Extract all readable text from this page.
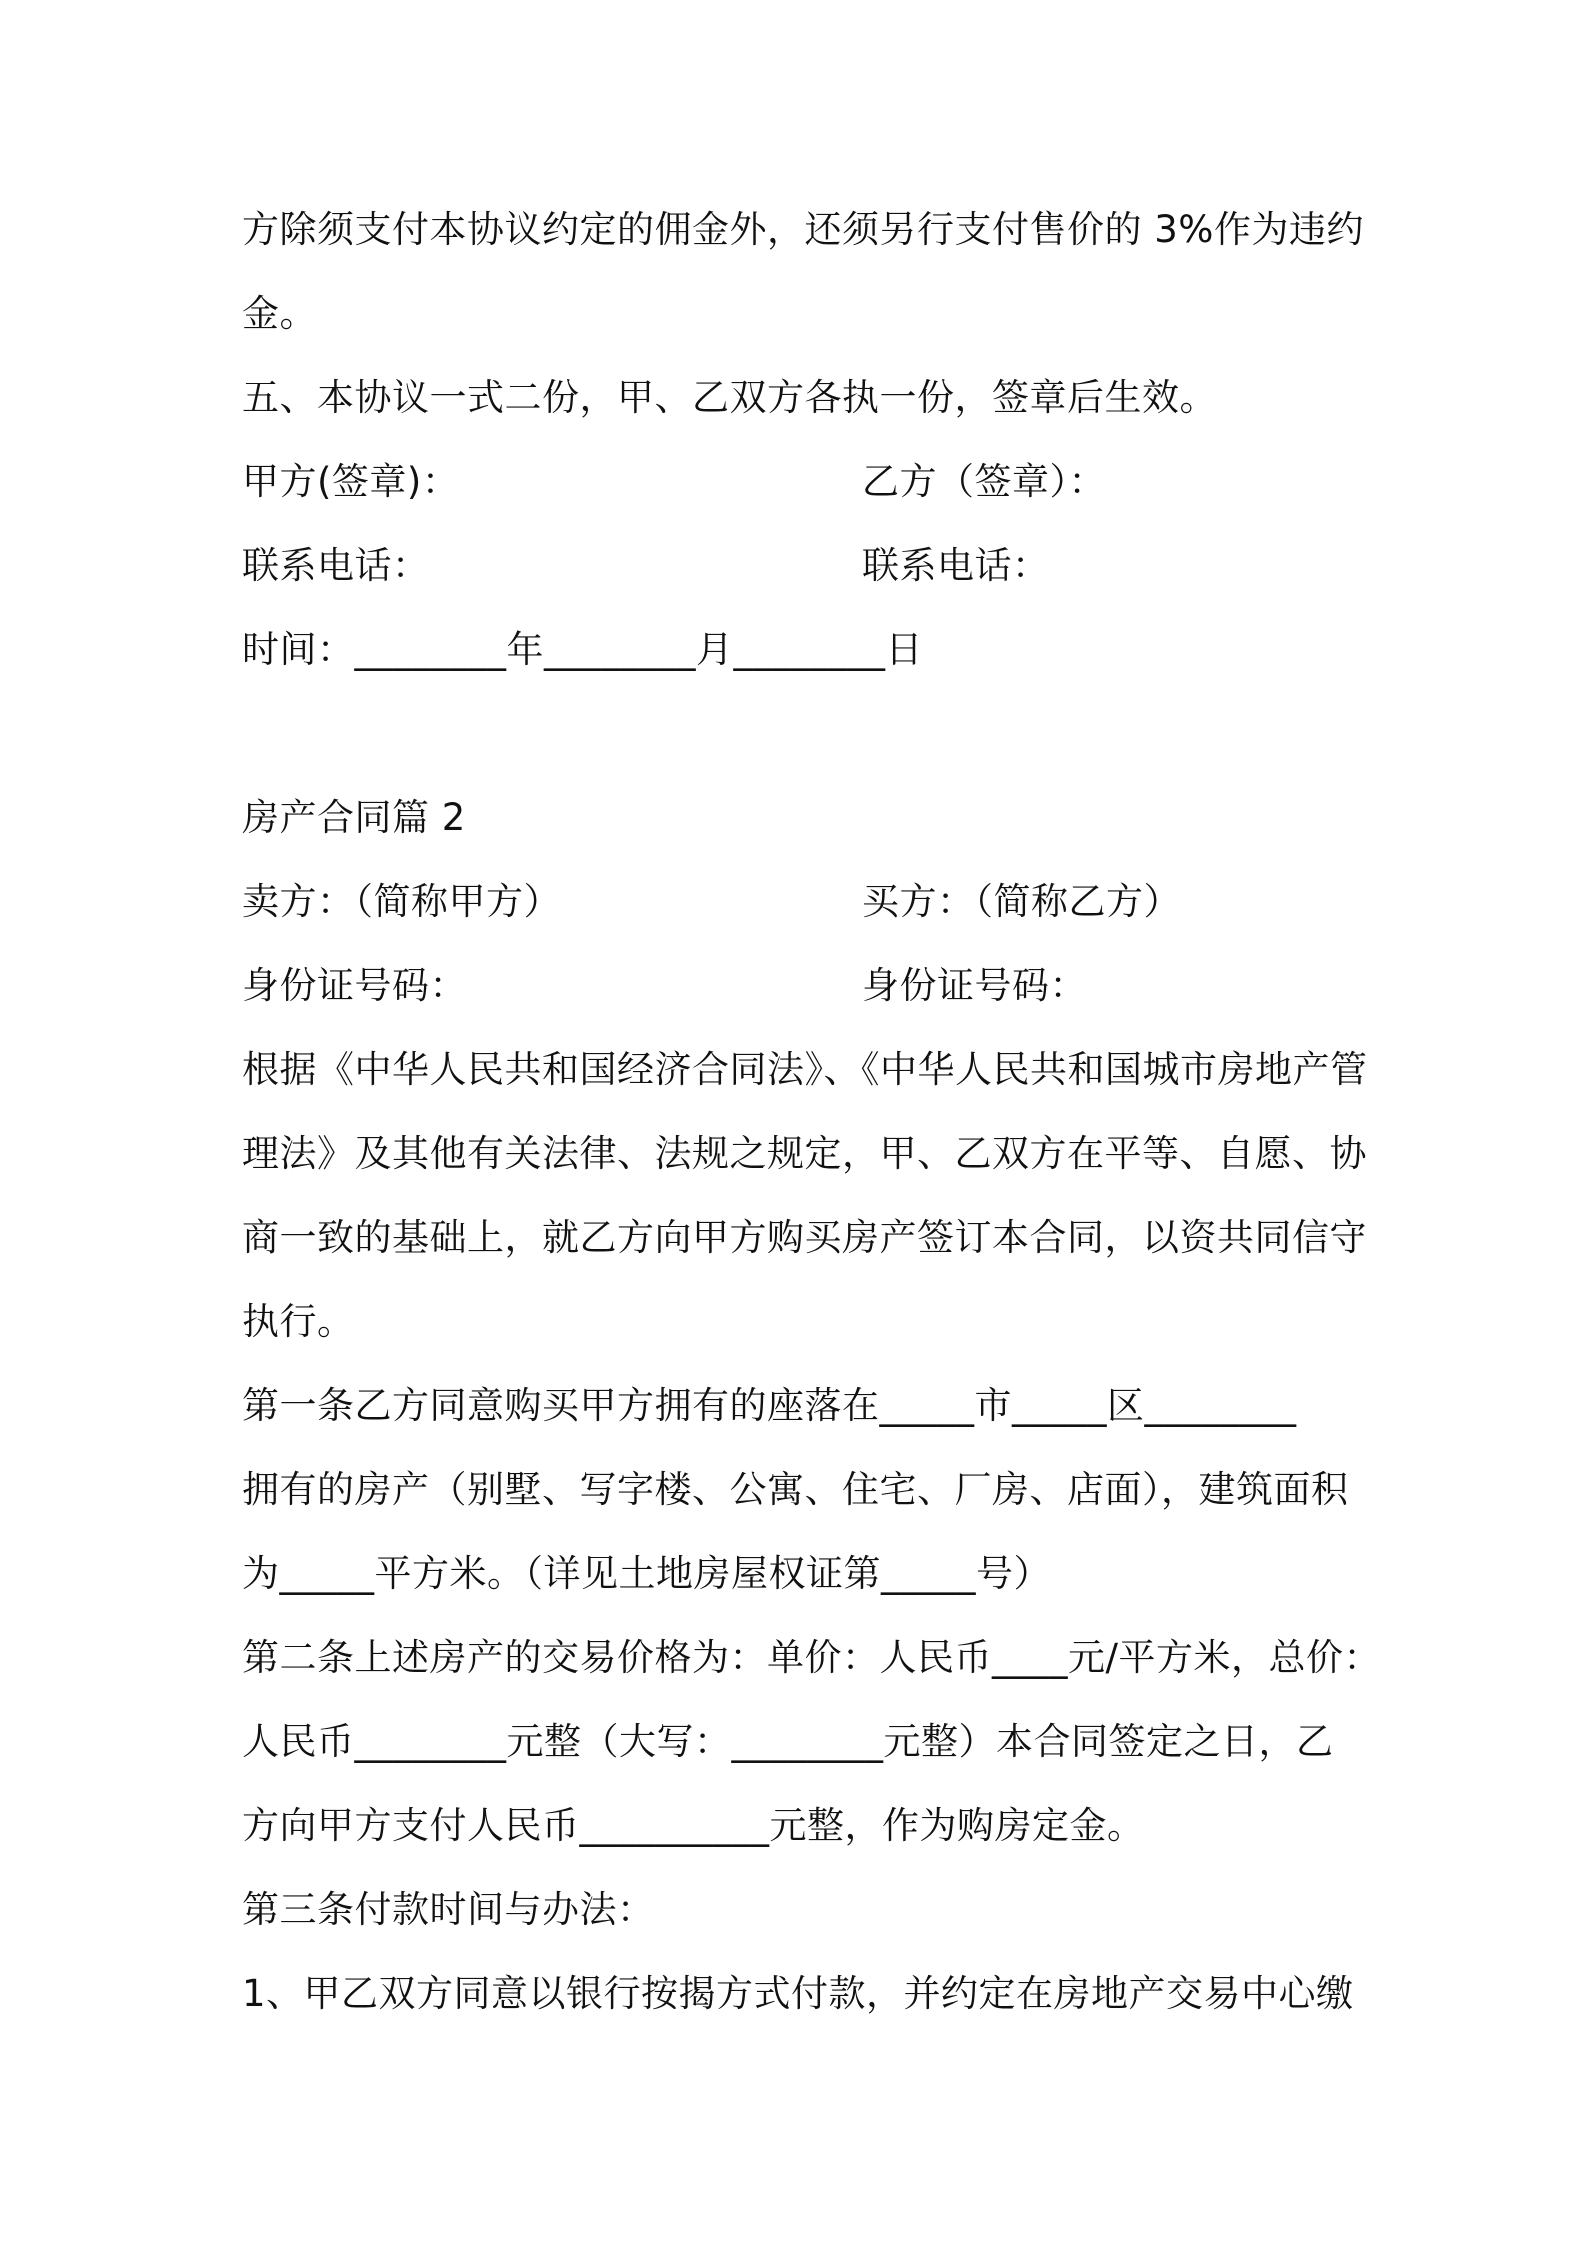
方除须支付本协议约定的佣金外，还须另行支付售价的 3%作为违约
金。
五、本协议一式二份，甲、乙双方各执一份，签章后生效。
甲方(签章)：	乙方（签章）：
联系电话：	联系电话：
时间：________年________月________日
房产合同篇 2
卖方：（简称甲方）	买方：（简称乙方）
身份证号码：	身份证号码：
根据《中华人民共和国经济合同法》、《中华人民共和国城市房地产管
理法》及其他有关法律、法规之规定，甲、乙双方在平等、自愿、协
商一致的基础上，就乙方向甲方购买房产签订本合同，以资共同信守
执行。
第一条乙方同意购买甲方拥有的座落在_____市_____区________
拥有的房产（别墅、写字楼、公寓、住宅、厂房、店面），建筑面积
为_____平方米。（详见土地房屋权证第_____号）
第二条上述房产的交易价格为：单价：人民币____元/平方米，总价：
人民币________元整（大写：________元整）本合同签定之日，乙
方向甲方支付人民币__________元整，作为购房定金。
第三条付款时间与办法：
1、甲乙双方同意以银行按揭方式付款，并约定在房地产交易中心缴
